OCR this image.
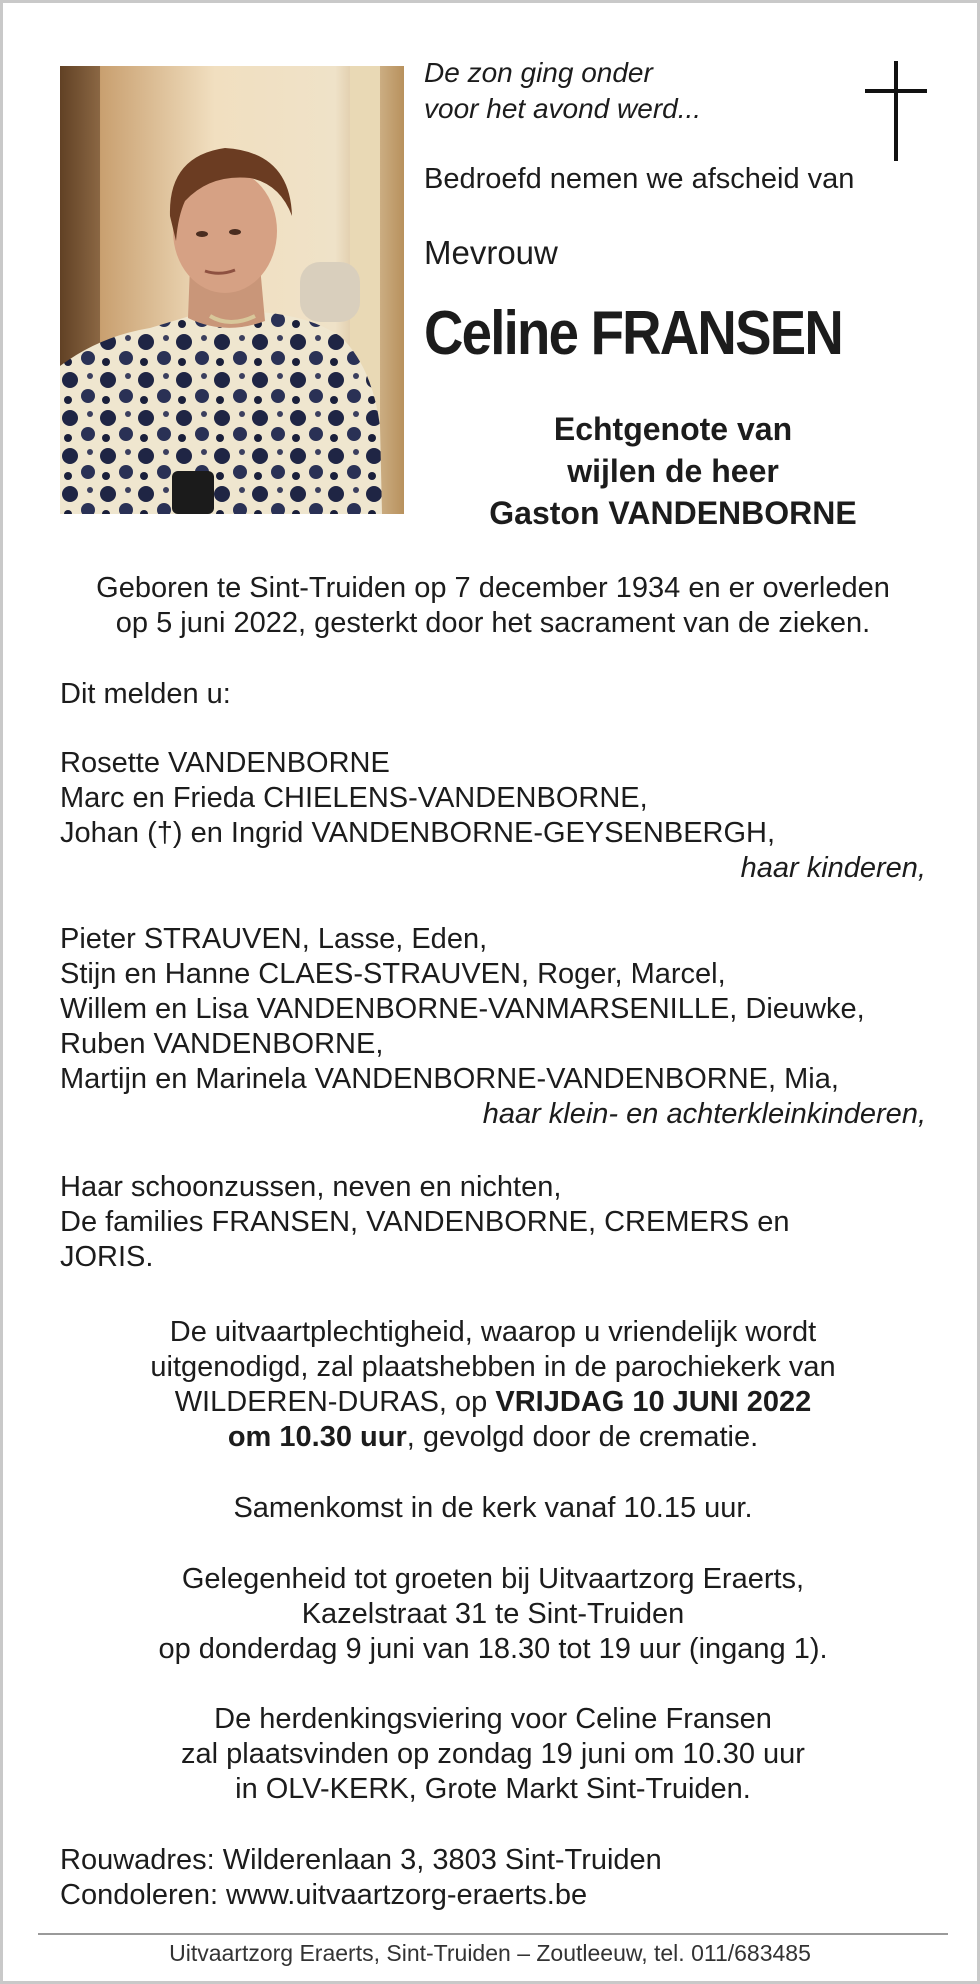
De zon ging onder
voor het avond werd...

Bedroefd nemen we afscheid van

Mevrouw

Celine FRANSEN

Echtgenote van
wijlen de heer
Gaston VANDENBORNE

Geboren te Sint-Truiden op 7 december 1934 en er overleden
op 5 juni 2022, gesterkt door het sacrament van de zieken.

Dit melden u:

Rosette VANDENBORNE
Marc en Frieda CHIELENS-VANDENBORNE,
Johan (†) en Ingrid VANDENBORNE-GEYSENBERGH,
haar kinderen,

Pieter STRAUVEN, Lasse, Eden,
Stijn en Hanne CLAES-STRAUVEN, Roger, Marcel,
Willem en Lisa VANDENBORNE-VANMARSENILLE, Dieuwke,
Ruben VANDENBORNE,
Martijn en Marinela VANDENBORNE-VANDENBORNE, Mia,
haar klein- en achterkleinkinderen,

Haar schoonzussen, neven en nichten,
De families FRANSEN, VANDENBORNE, CREMERS en
JORIS.

De uitvaartplechtigheid, waarop u vriendelijk wordt
uitgenodigd, zal plaatshebben in de parochiekerk van
WILDEREN-DURAS, op VRIJDAG 10 JUNI 2022
om 10.30 uur, gevolgd door de crematie.

Samenkomst in de kerk vanaf 10.15 uur.

Gelegenheid tot groeten bij Uitvaartzorg Eraerts,
Kazelstraat 31 te Sint-Truiden
op donderdag 9 juni van 18.30 tot 19 uur (ingang 1).

De herdenkingsviering voor Celine Fransen
zal plaatsvinden op zondag 19 juni om 10.30 uur
in OLV-KERK, Grote Markt Sint-Truiden.

Rouwadres: Wilderenlaan 3, 3803 Sint-Truiden
Condoleren: www.uitvaartzorg-eraerts.be

Uitvaartzorg Eraerts, Sint-Truiden – Zoutleeuw, tel. 011/683485
